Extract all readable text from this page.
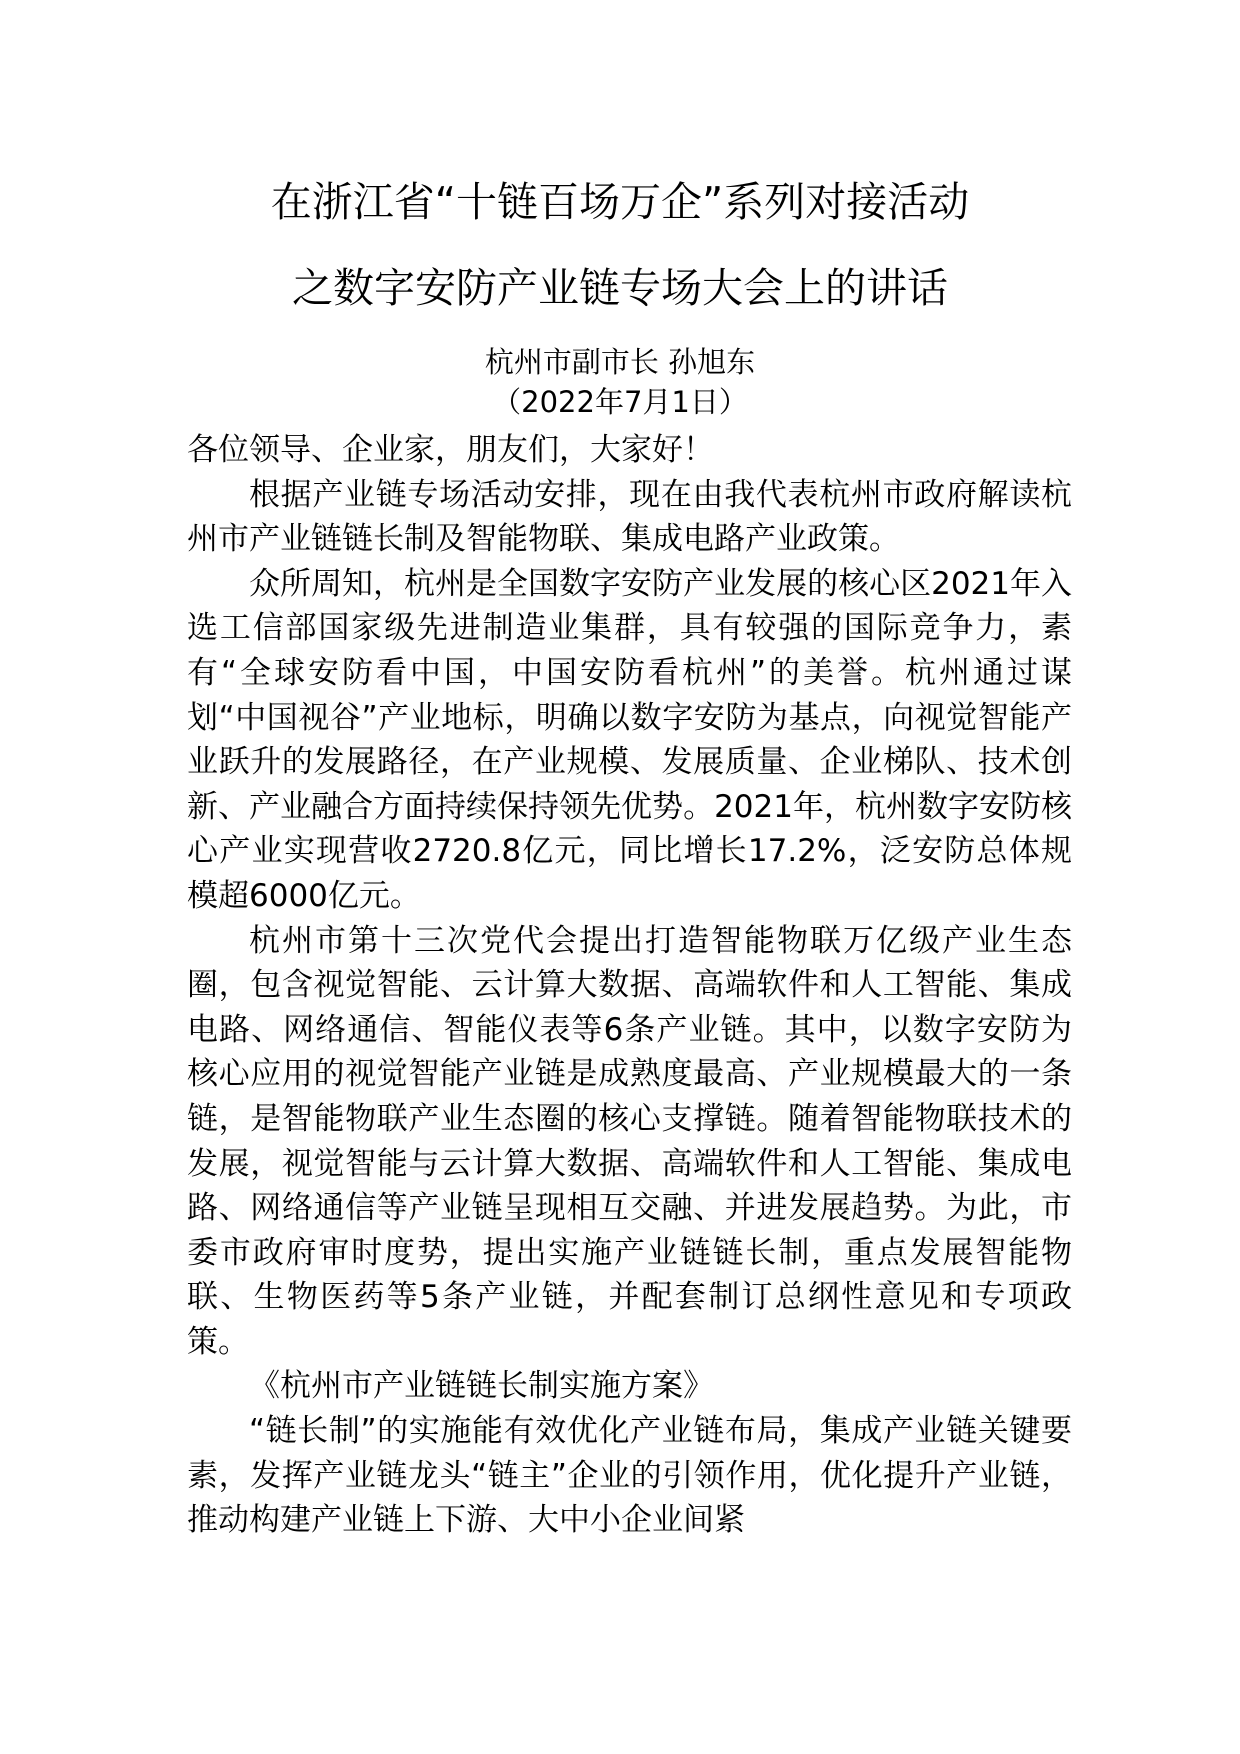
在浙江省“十链百场万企”系列对接活动
之数字安防产业链专场大会上的讲话
杭州市副市长 孙旭东
（2022年7月1日）

各位领导、企业家，朋友们，大家好！

根据产业链专场活动安排，现在由我代表杭州市政府解读杭州市产业链链长制及智能物联、集成电路产业政策。

众所周知，杭州是全国数字安防产业发展的核心区2021年入选工信部国家级先进制造业集群，具有较强的国际竞争力，素有“全球安防看中国，中国安防看杭州”的美誉。杭州通过谋划“中国视谷”产业地标，明确以数字安防为基点，向视觉智能产业跃升的发展路径，在产业规模、发展质量、企业梯队、技术创新、产业融合方面持续保持领先优势。2021年，杭州数字安防核心产业实现营收2720.8亿元，同比增长17.2%，泛安防总体规模超6000亿元。

杭州市第十三次党代会提出打造智能物联万亿级产业生态圈，包含视觉智能、云计算大数据、高端软件和人工智能、集成电路、网络通信、智能仪表等6条产业链。其中，以数字安防为核心应用的视觉智能产业链是成熟度最高、产业规模最大的一条链，是智能物联产业生态圈的核心支撑链。随着智能物联技术的发展，视觉智能与云计算大数据、高端软件和人工智能、集成电路、网络通信等产业链呈现相互交融、并进发展趋势。为此，市委市政府审时度势，提出实施产业链链长制，重点发展智能物联、生物医药等5条产业链，并配套制订总纲性意见和专项政策。

《杭州市产业链链长制实施方案》

“链长制”的实施能有效优化产业链布局，集成产业链关键要素，发挥产业链龙头“链主”企业的引领作用，优化提升产业链，推动构建产业链上下游、大中小企业间紧
